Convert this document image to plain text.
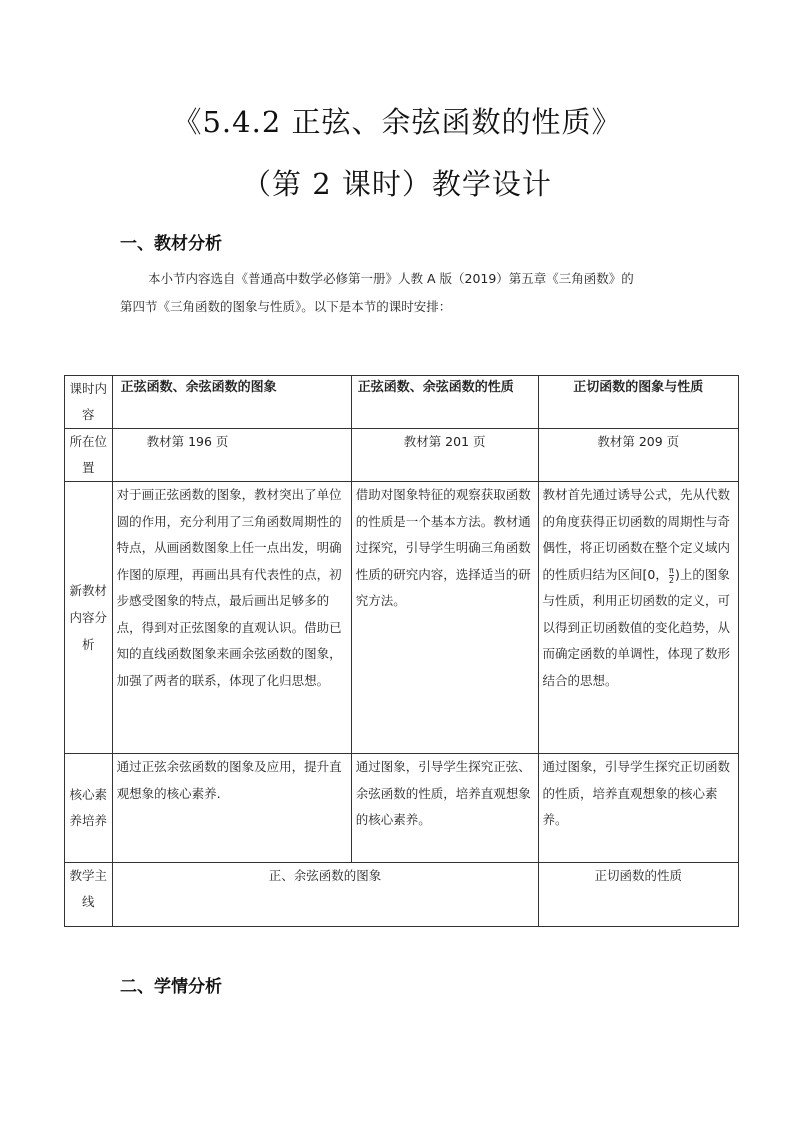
《5.4.2 正弦、余弦函数的性质》
（第 2 课时）教学设计
一、教材分析
本小节内容选自《普通高中数学必修第一册》人教 A 版（2019）第五章《三角函数》的
第四节《三角函数的图象与性质》。以下是本节的课时安排：
课时内容	正弦函数、余弦函数的图象	正弦函数、余弦函数的性质	正切函数的图象与性质
所在位置	教材第 196 页	教材第 201 页	教材第 209 页
新教材内容分析	对于画正弦函数的图象，教材突出了单位圆的作用，充分利用了三角函数周期性的特点，从画函数图象上任一点出发，明确作图的原理，再画出具有代表性的点，初步感受图象的特点，最后画出足够多的点，得到对正弦图象的直观认识。借助已知的直线函数图象来画余弦函数的图象，加强了两者的联系，体现了化归思想。	借助对图象特征的观察获取函数的性质是一个基本方法。教材通过探究，引导学生明确三角函数性质的研究内容，选择适当的研究方法。	教材首先通过诱导公式，先从代数的角度获得正切函数的周期性与奇偶性，将正切函数在整个定义域内的性质归结为区间[0， $\frac{\pi}{2}$ )上的图象与性质，利用正切函数的定义，可以得到正切函数值的变化趋势，从而确定函数的单调性，体现了数形结合的思想。
核心素养培养	通过正弦余弦函数的图象及应用，提升直观想象的核心素养.	通过图象，引导学生探究正弦、余弦函数的性质，培养直观想象的核心素养。	通过图象，引导学生探究正切函数的性质，培养直观想象的核心素养。
教学主线	正、余弦函数的图象		正切函数的性质
二、学情分析
